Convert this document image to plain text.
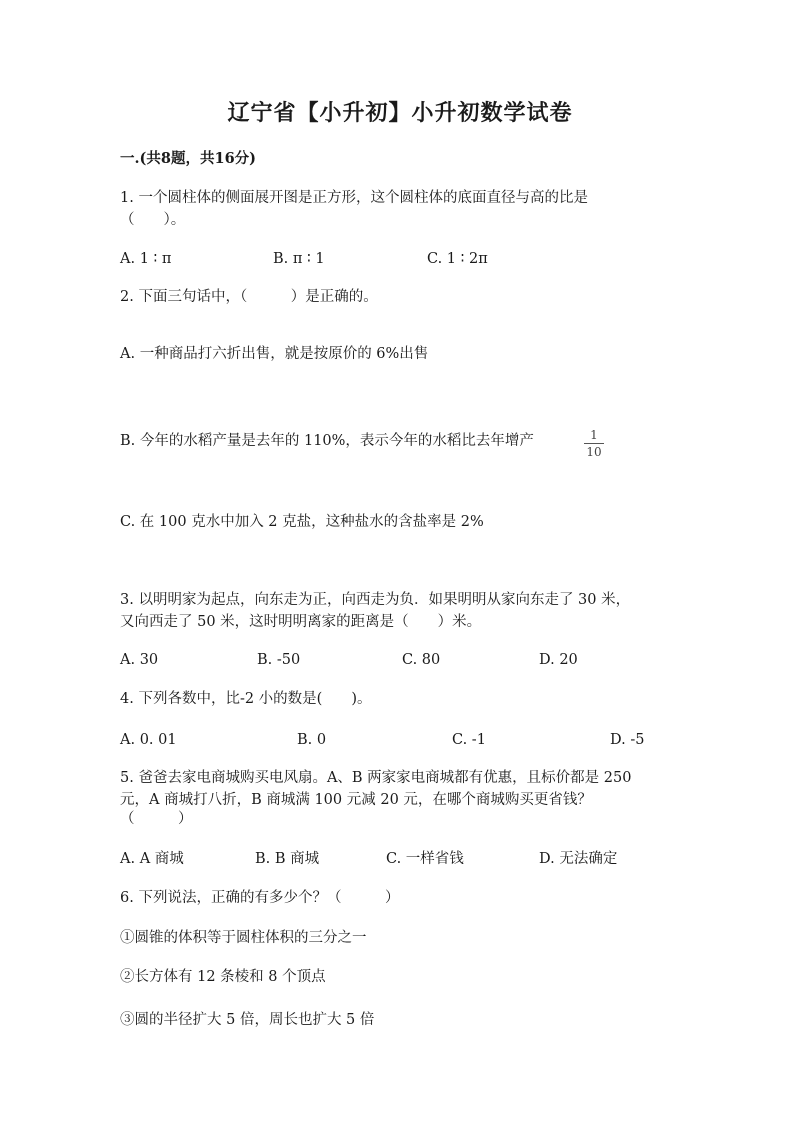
辽宁省【小升初】小升初数学试卷
一.(共8题，共16分)
1. 一个圆柱体的侧面展开图是正方形，这个圆柱体的底面直径与高的比是
（　　）。
A. 1 ∶ π	B. π ∶ 1	C. 1 ∶ 2π
2. 下面三句话中，（　　　）是正确的。
A. 一种商品打六折出售，就是按原价的 6%出售
B. 今年的水稻产量是去年的 110%，表示今年的水稻比去年增产	1
10
C. 在 100 克水中加入 2 克盐，这种盐水的含盐率是 2%
3. 以明明家为起点，向东走为正，向西走为负．如果明明从家向东走了 30 米，
又向西走了 50 米，这时明明离家的距离是（　　）米。
A. 30	B. -50	C. 80	D. 20
4. 下列各数中，比-2 小的数是(　　)。
A. 0. 01	B. 0	C. -1	D. -5
5. 爸爸去家电商城购买电风扇。A、B 两家家电商城都有优惠，且标价都是 250
元，A 商城打八折，B 商城满 100 元减 20 元，在哪个商城购买更省钱？
（　　　）
A. A 商城	B. B 商城	C. 一样省钱	D. 无法确定
6. 下列说法，正确的有多少个？（　　　）
①圆锥的体积等于圆柱体积的三分之一
②长方体有 12 条棱和 8 个顶点
③圆的半径扩大 5 倍，周长也扩大 5 倍
